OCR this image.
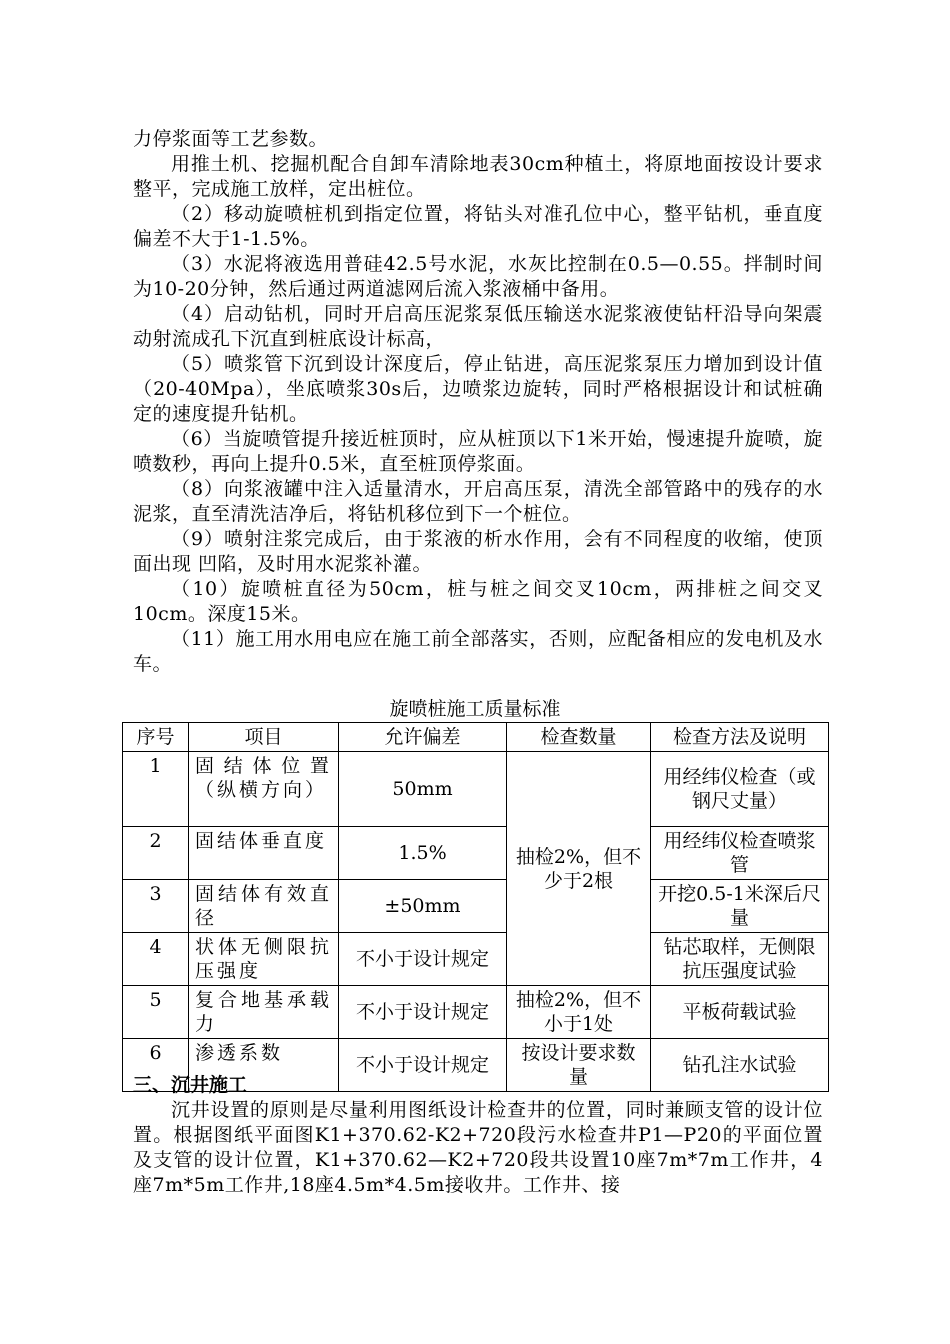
力停浆面等工艺参数。

用推土机、挖掘机配合自卸车清除地表30cm种植土，将原地面按设计要求整平，完成施工放样，定出桩位。

（2）移动旋喷桩机到指定位置，将钻头对准孔位中心，整平钻机，垂直度偏差不大于1-1.5%。

（3）水泥将液选用普硅42.5号水泥，水灰比控制在0.5—0.55。拌制时间为10-20分钟，然后通过两道滤网后流入浆液桶中备用。

（4）启动钻机，同时开启高压泥浆泵低压输送水泥浆液使钻杆沿导向架震动射流成孔下沉直到桩底设计标高，

（5）喷浆管下沉到设计深度后，停止钻进，高压泥浆泵压力增加到设计值（20-40Mpa），坐底喷浆30s后，边喷浆边旋转，同时严格根据设计和试桩确定的速度提升钻机。

（6）当旋喷管提升接近桩顶时，应从桩顶以下1米开始，慢速提升旋喷，旋喷数秒，再向上提升0.5米，直至桩顶停浆面。

（8）向浆液罐中注入适量清水，开启高压泵，清洗全部管路中的残存的水泥浆，直至清洗洁净后，将钻机移位到下一个桩位。

（9）喷射注浆完成后，由于浆液的析水作用，会有不同程度的收缩，使顶面出现 凹陷，及时用水泥浆补灌。

（10）旋喷桩直径为50cm，桩与桩之间交叉10cm，两排桩之间交叉10cm。深度15米。

（11）施工用水用电应在施工前全部落实，否则，应配备相应的发电机及水车。

旋喷桩施工质量标准
序号	项目	允许偏差	检查数量	检查方法及说明
1	固结体位置（纵横方向）	50mm	抽检2%，但不少于2根	用经纬仪检查（或钢尺丈量）
2	固结体垂直度	1.5%		用经纬仪检查喷浆管
3	固结体有效直径	±50mm		开挖0.5-1米深后尺量
4	状体无侧限抗压强度	不小于设计规定		钻芯取样，无侧限抗压强度试验
5	复合地基承载力	不小于设计规定	抽检2%，但不小于1处	平板荷载试验
6	渗透系数	不小于设计规定	按设计要求数量	钻孔注水试验
三、沉井施工

沉井设置的原则是尽量利用图纸设计检查井的位置，同时兼顾支管的设计位置。根据图纸平面图K1+370.62-K2+720段污水检查井P1—P20的平面位置及支管的设计位置，K1+370.62—K2+720段共设置10座7m*7m工作井，4座7m*5m工作井,18座4.5m*4.5m接收井。工作井、接
